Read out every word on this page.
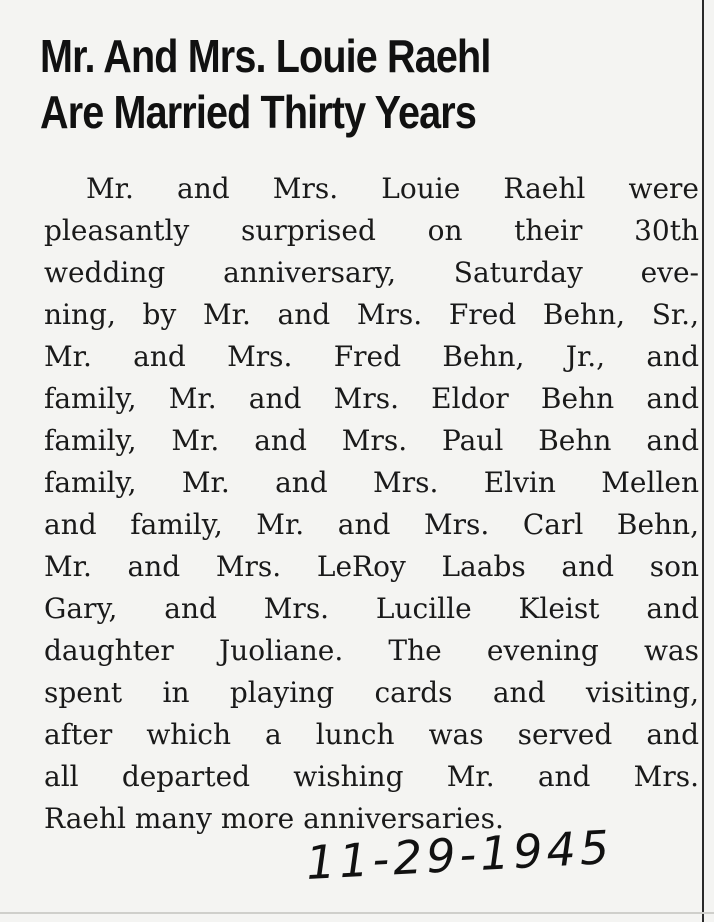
Mr. And Mrs. Louie Raehl
Are Married Thirty Years
Mr. and Mrs. Louie Raehl were
pleasantly surprised on their 30th
wedding anniversary, Saturday eve-
ning, by Mr. and Mrs. Fred Behn, Sr.,
Mr. and Mrs. Fred Behn, Jr., and
family, Mr. and Mrs. Eldor Behn and
family, Mr. and Mrs. Paul Behn and
family, Mr. and Mrs. Elvin Mellen
and family, Mr. and Mrs. Carl Behn,
Mr. and Mrs. LeRoy Laabs and son
Gary, and Mrs. Lucille Kleist and
daughter Juoliane. The evening was
spent in playing cards and visiting,
after which a lunch was served and
all departed wishing Mr. and Mrs.
Raehl many more anniversaries.
11-29-1945
